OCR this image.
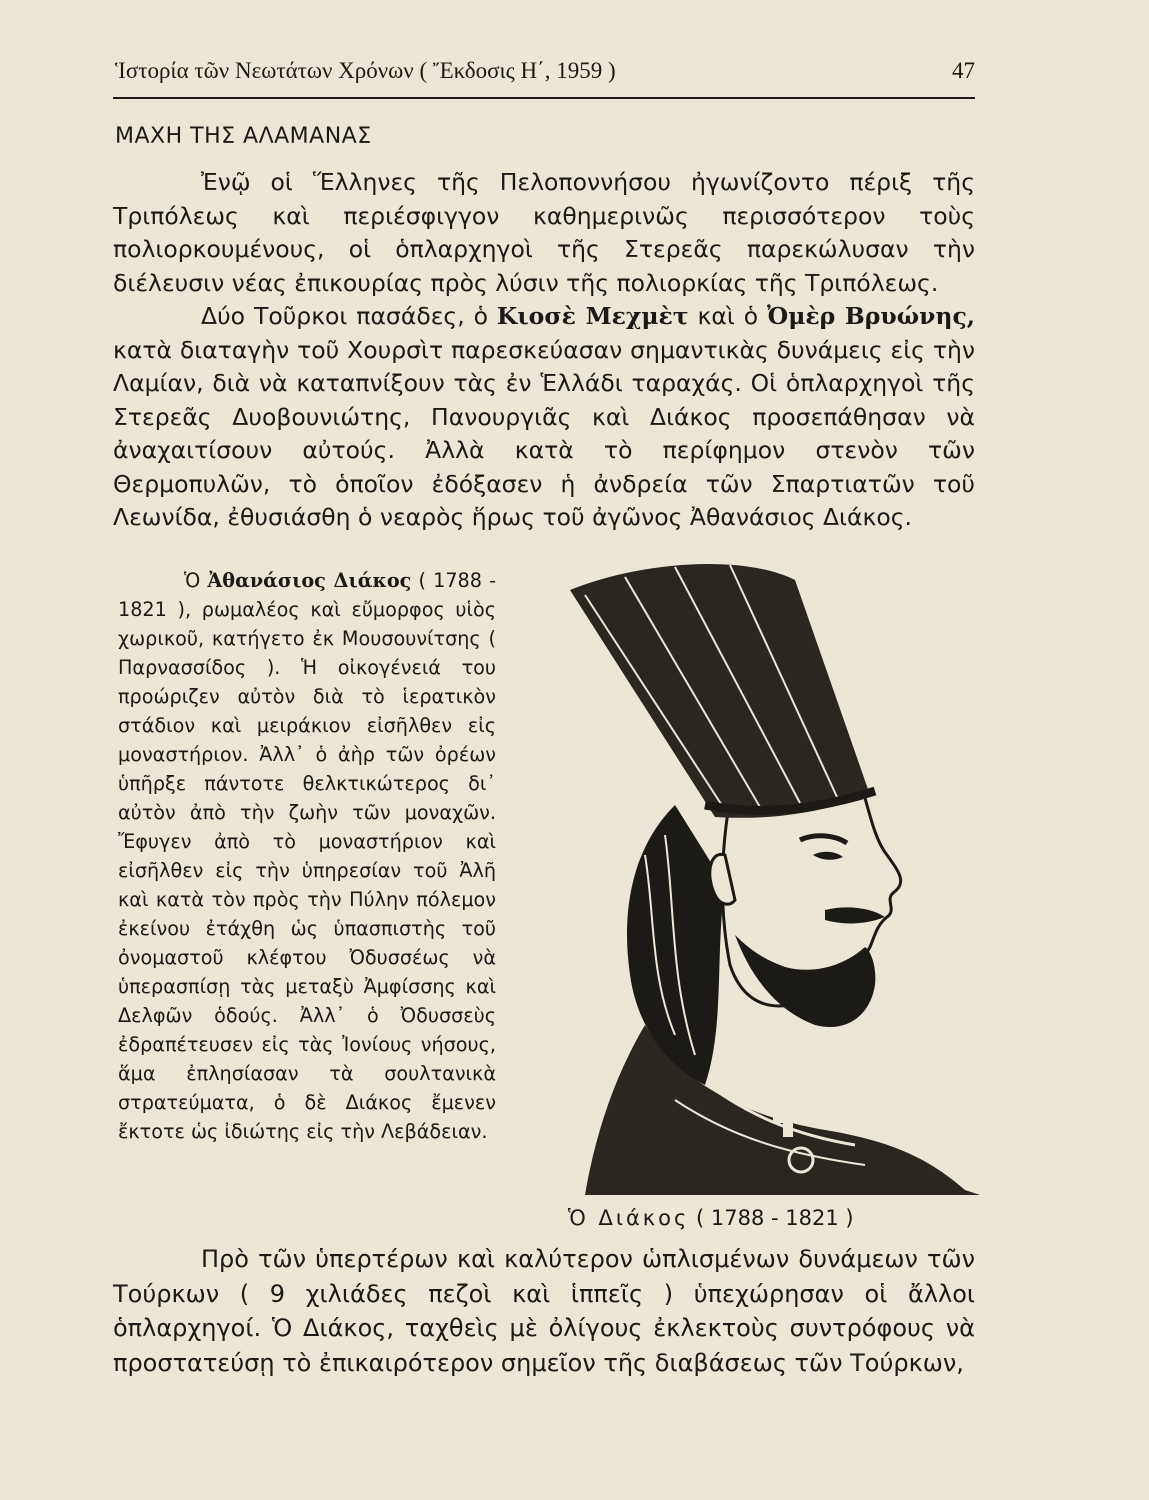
Ἱστορία τῶν Νεωτάτων Χρόνων ( Ἔκδοσις Η΄, 1959 )	47
ΜΑΧΗ ΤΗΣ ΑΛΑΜΑΝΑΣ

Ἐνῷ οἱ Ἕλληνες τῆς Πελοποννήσου ἠγωνίζοντο πέριξ τῆς Τριπόλεως καὶ περιέσφιγγον καθημερινῶς περισσότερον τοὺς πολιορκουμένους, οἱ ὁπλαρχηγοὶ τῆς Στερεᾶς παρεκώλυσαν τὴν διέλευσιν νέας ἐπικουρίας πρὸς λύσιν τῆς πολιορκίας τῆς Τριπόλεως.

Δύο Τοῦρκοι πασάδες, ὁ Κιοσὲ Μεχμὲτ καὶ ὁ Ὀμὲρ Βρυώνης, κατὰ διαταγὴν τοῦ Χουρσὶτ παρεσκεύασαν σημαντικὰς δυνάμεις εἰς τὴν Λαμίαν, διὰ νὰ καταπνίξουν τὰς ἐν Ἑλλάδι ταραχάς. Οἱ ὁπλαρχηγοὶ τῆς Στερεᾶς Δυοβουνιώτης, Πανουργιᾶς καὶ Διάκος προσεπάθησαν νὰ ἀναχαιτίσουν αὐτούς. Ἀλλὰ κατὰ τὸ περίφημον στενὸν τῶν Θερμοπυλῶν, τὸ ὁποῖον ἐδόξασεν ἡ ἀνδρεία τῶν Σπαρτιατῶν τοῦ Λεωνίδα, ἐθυσιάσθη ὁ νεαρὸς ἥρως τοῦ ἀγῶνος Ἀθανάσιος Διάκος.

Ὁ Ἀθανάσιος Διάκος ( 1788 - 1821 ), ρωμαλέος καὶ εὔμορφος υἱὸς χωρικοῦ, κατήγετο ἐκ Μουσουνίτσης ( Παρνασσίδος ). Ἡ οἰκογένειά του προώριζεν αὐτὸν διὰ τὸ ἱερατικὸν στάδιον καὶ μειράκιον εἰσῆλθεν εἰς μοναστήριον. Ἀλλ᾿ ὁ ἀὴρ τῶν ὀρέων ὑπῆρξε πάντοτε θελκτικώτερος δι᾿ αὐτὸν ἀπὸ τὴν ζωὴν τῶν μοναχῶν. Ἔφυγεν ἀπὸ τὸ μοναστήριον καὶ εἰσῆλθεν εἰς τὴν ὑπηρεσίαν τοῦ Ἀλῆ καὶ κατὰ τὸν πρὸς τὴν Πύλην πόλεμον ἐκείνου ἐτάχθη ὡς ὑπασπιστὴς τοῦ ὀνομαστοῦ κλέφτου Ὀδυσσέως νὰ ὑπερασπίσῃ τὰς μεταξὺ Ἀμφίσσης καὶ Δελφῶν ὁδούς. Ἀλλ᾿ ὁ Ὀδυσσεὺς ἐδραπέτευσεν εἰς τὰς Ἰονίους νήσους, ἅμα ἐπλησίασαν τὰ σουλτανικὰ στρατεύματα, ὁ δὲ Διάκος ἔμενεν ἔκτοτε ὡς ἰδιώτης εἰς τὴν Λεβάδειαν.

Ὁ Διάκος ( 1788 - 1821 )

Πρὸ τῶν ὑπερτέρων καὶ καλύτερον ὡπλισμένων δυνάμεων τῶν Τούρκων ( 9 χιλιάδες πεζοὶ καὶ ἱππεῖς ) ὑπεχώρησαν οἱ ἄλλοι ὁπλαρχηγοί. Ὁ Διάκος, ταχθεὶς μὲ ὀλίγους ἐκλεκτοὺς συντρόφους νὰ προστατεύσῃ τὸ ἐπικαιρότερον σημεῖον τῆς διαβάσεως τῶν Τούρκων,
